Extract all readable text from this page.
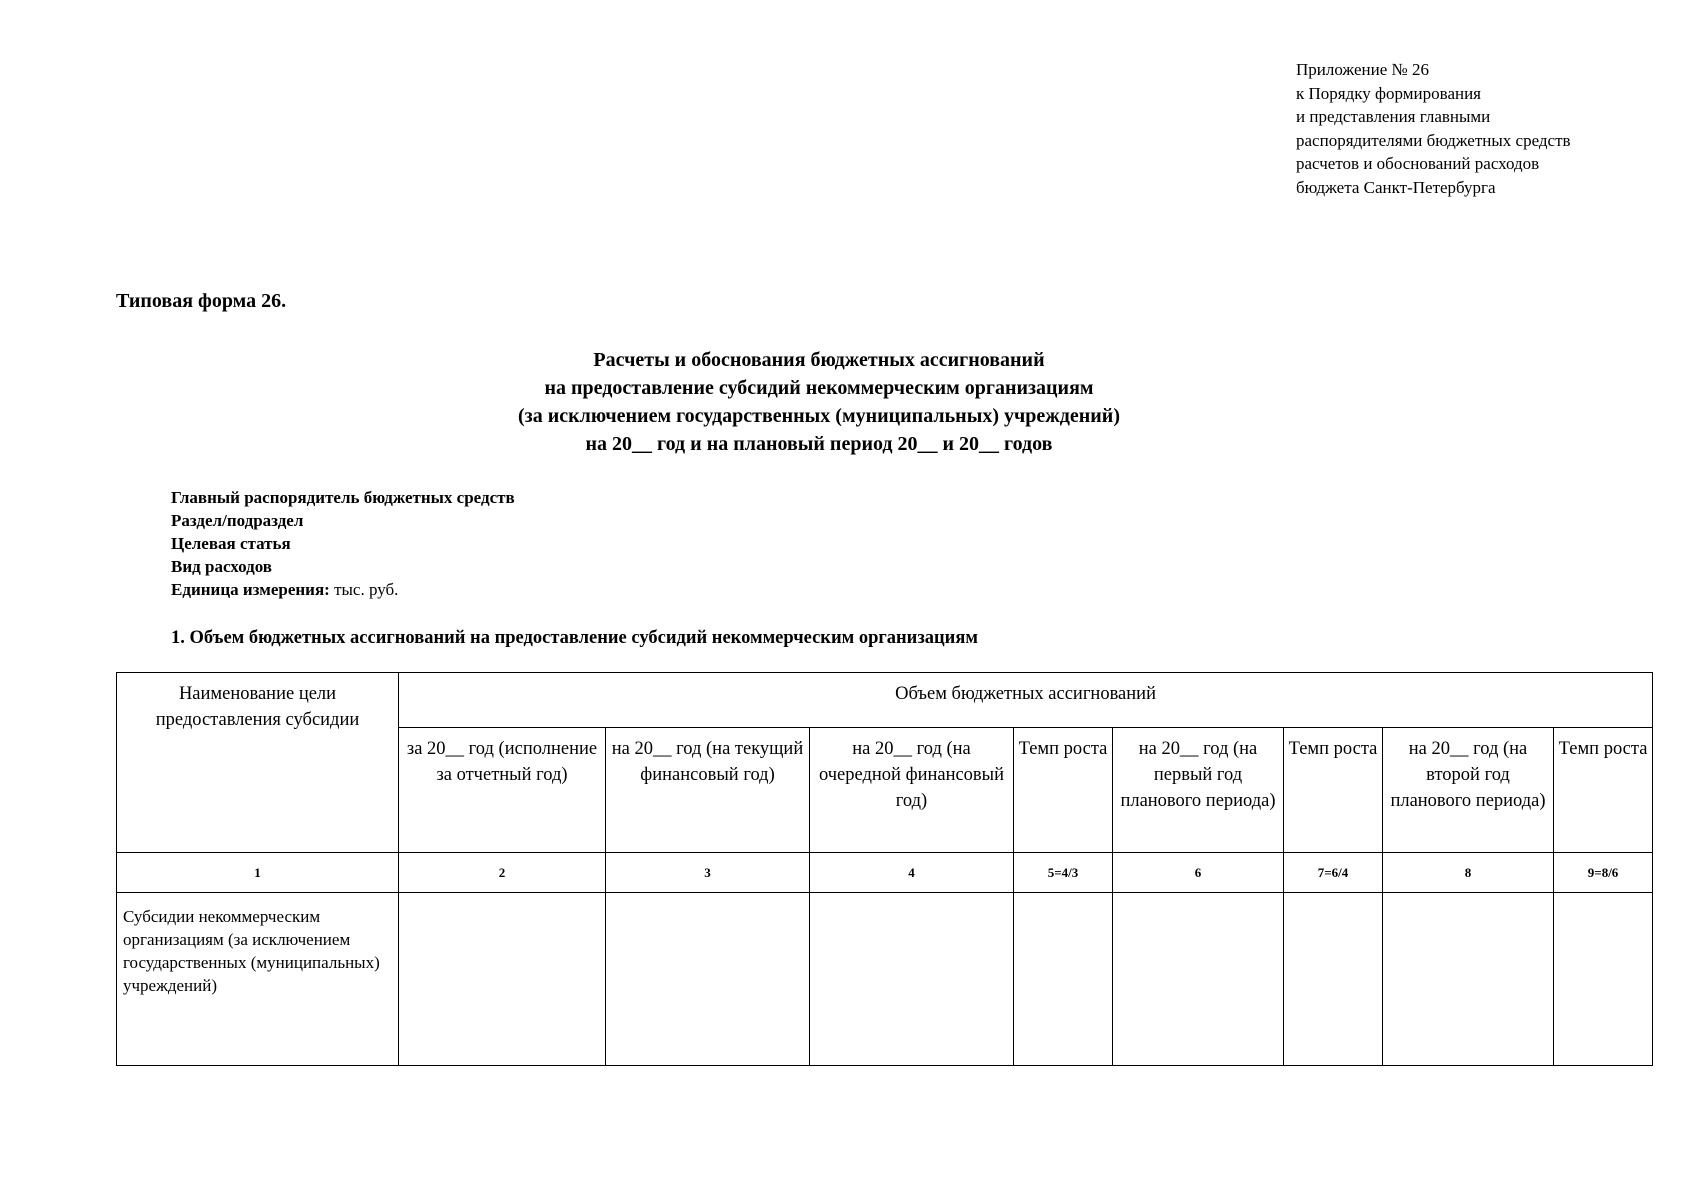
Приложение № 26
к Порядку формирования
и представления главными
распорядителями бюджетных средств
расчетов и обоснований расходов
бюджета Санкт-Петербурга
Типовая форма 26.
Расчеты и обоснования бюджетных ассигнований
на предоставление субсидий некоммерческим организациям
(за исключением государственных (муниципальных) учреждений)
на 20__ год и на плановый период 20__ и 20__ годов
Главный распорядитель бюджетных средств
Раздел/подраздел
Целевая статья
Вид расходов
Единица измерения: тыс. руб.
1. Объем бюджетных ассигнований на предоставление субсидий некоммерческим организациям
Наименование цели предоставления субсидии	Объем бюджетных ассигнований							
	за 20__ год (исполнение за отчетный год)	на 20__ год (на текущий финансовый год)	на 20__ год (на очередной финансовый год)	Темп роста	на 20__ год (на первый год планового периода)	Темп роста	на 20__ год (на второй год планового периода)	Темп роста
1	2	3	4	5=4/3	6	7=6/4	8	9=8/6
Субсидии некоммерческим организациям (за исключением государственных (муниципальных) учреждений)								
